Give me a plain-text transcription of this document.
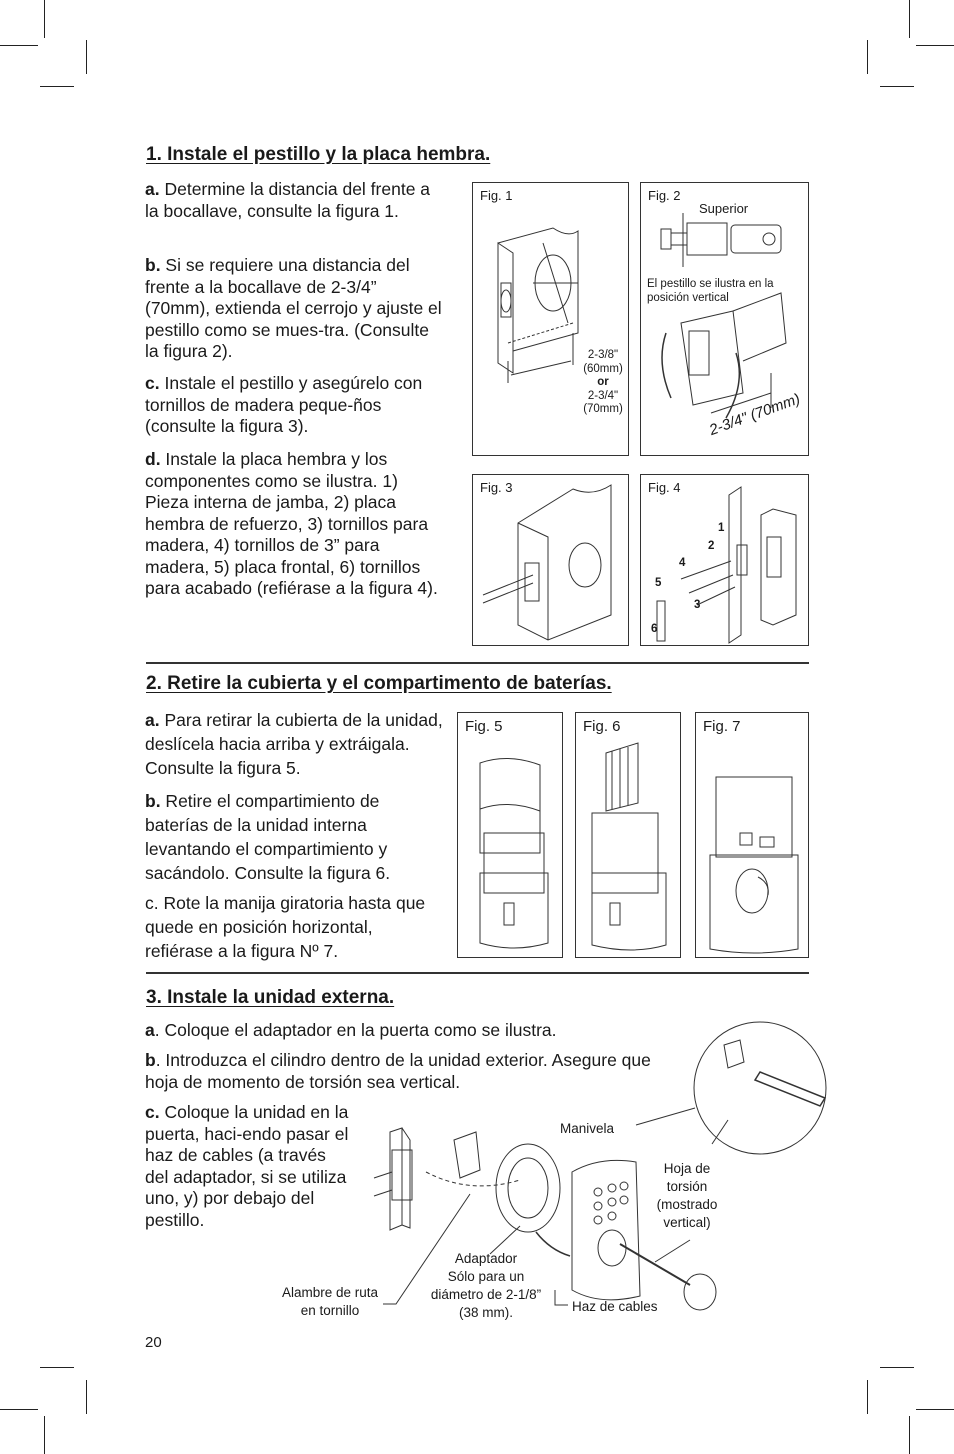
1. Instale el pestillo y la placa hembra.

a. Determine la distancia del frente a la bocallave, consulte la figura 1.

b. Si se requiere una distancia del frente a la bocallave de 2-3/4” (70mm), extienda el cerrojo y ajuste el pestillo como se mues-tra. (Consulte la figura 2).

c. Instale el pestillo y asegúrelo con tornillos de madera peque-ños (consulte la figura 3).

d. Instale la placa hembra y los componentes como se ilustra. 1) Pieza interna de jamba, 2) placa hembra de refuerzo, 3) tornillos para madera, 4) tornillos de 3” para madera, 5) placa frontal, 6) tornillos para acabado (refiérase a la figura 4).

Fig. 1
2-3/8"
(60mm)
or
2-3/4"
(70mm)
Fig. 2
Superior
El pestillo se ilustra en la posición vertical
2-3/4" (70mm)
Fig. 3	Fig. 4
1
2
3
4
5
6
2. Retire la cubierta y el compartimento de baterías.

a. Para retirar la cubierta de la unidad, deslícela hacia arriba y extráigala. Consulte la figura 5.

b. Retire el compartimiento de baterías de la unidad interna levantando el compartimiento y sacándolo. Consulte la figura 6.

c. Rote la manija giratoria hasta que quede en posición horizontal, refiérase a la figura Nº 7.

Fig. 5	Fig. 6	Fig. 7
3. Instale la unidad externa.

a. Coloque el adaptador en la puerta como se ilustra.

b. Introduzca el cilindro dentro de la unidad exterior. Asegure que hoja de momento de torsión sea vertical.

c. Coloque la unidad en la puerta, haci-endo pasar el haz de cables (a través del adaptador, si se utiliza uno, y) por debajo del pestillo.

Manivela
Hoja de torsión (mostrado vertical)
Adaptador
Sólo para un diámetro de 2-1/8” (38 mm).
Alambre de ruta en tornillo	Haz de cables
20
